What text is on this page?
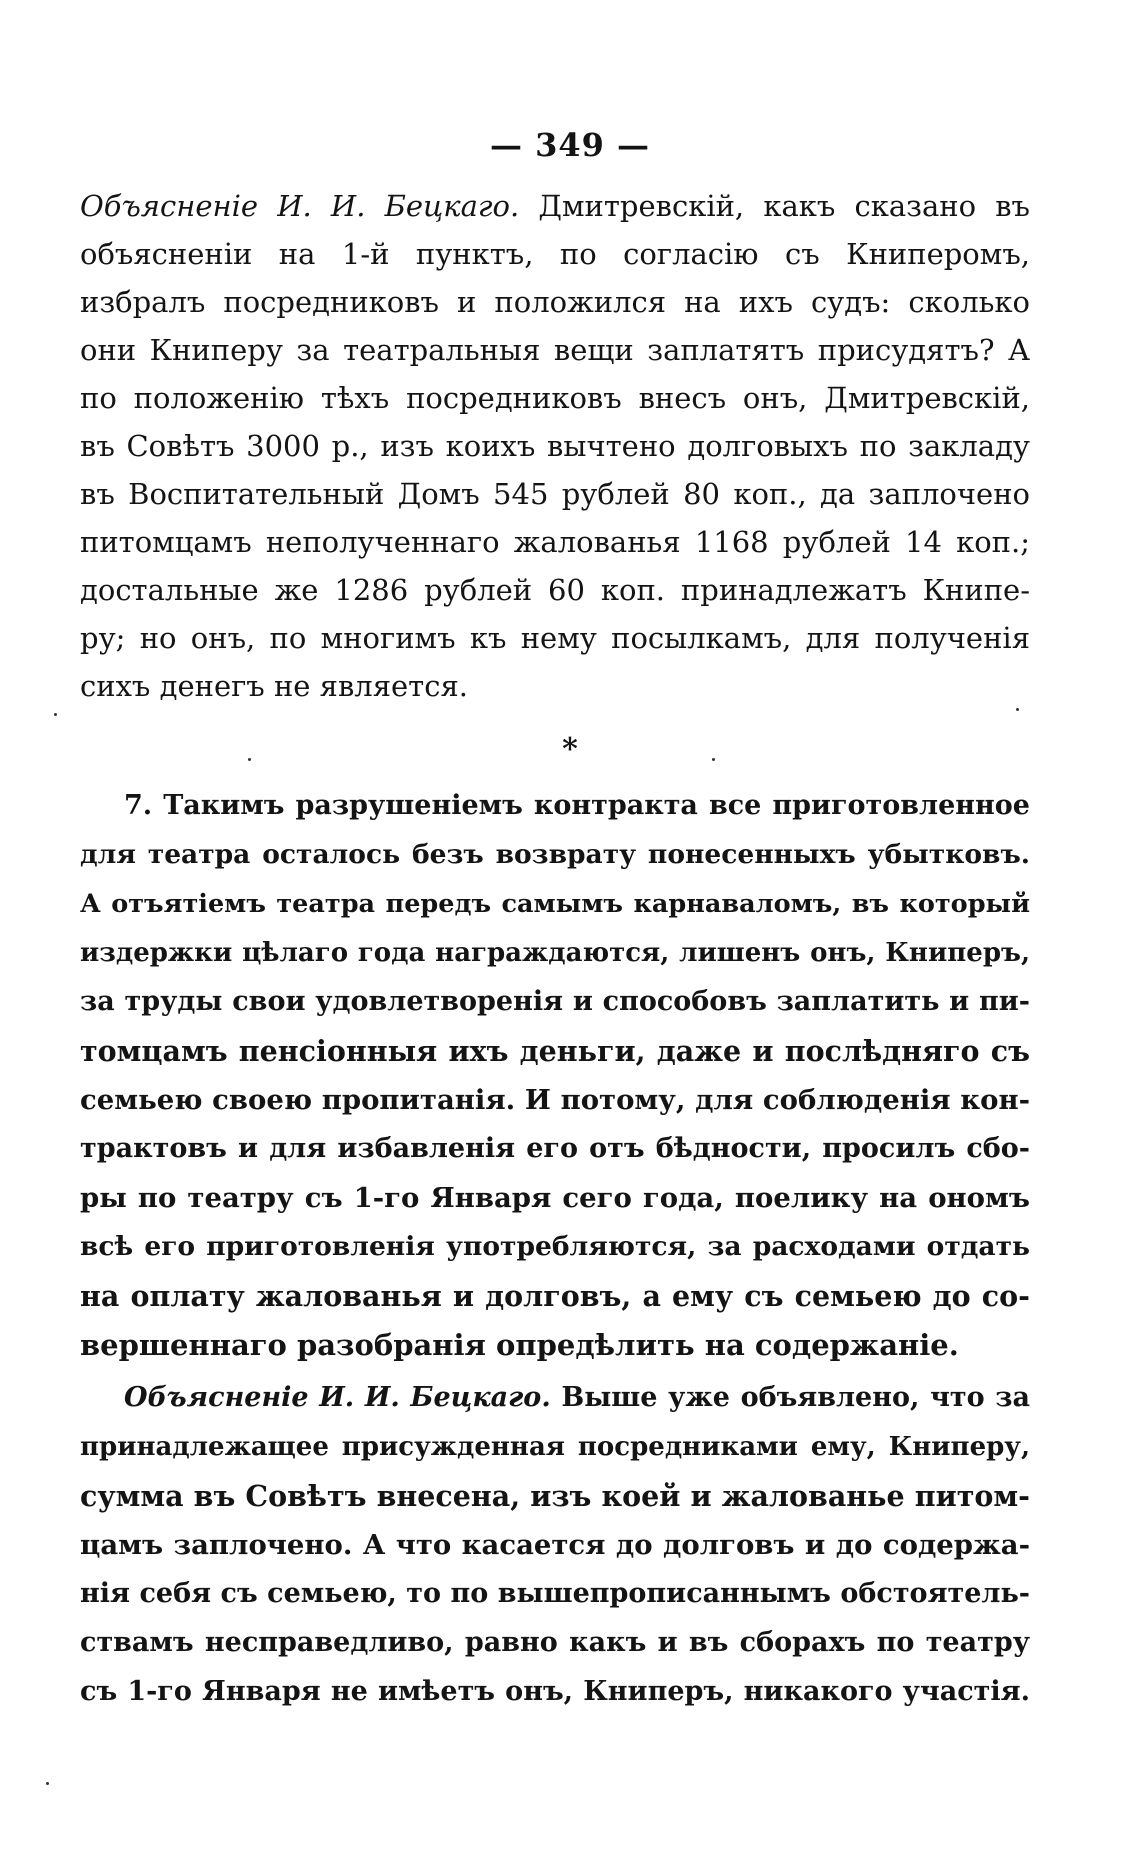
— 349 —
Объясненіе И. И. Бецкаго. Дмитревскій, какъ сказано въ
объясненіи на 1-й пунктъ, по согласію съ Книперомъ,
избралъ посредниковъ и положился на ихъ судъ: сколько
они Книперу за театральныя вещи заплатятъ присудятъ? А
по положенію тѣхъ посредниковъ внесъ онъ, Дмитревскій,
въ Совѣтъ 3000 р., изъ коихъ вычтено долговыхъ по закладу
въ Воспитательный Домъ 545 рублей 80 коп., да заплочено
питомцамъ неполученнаго жалованья 1168 рублей 14 коп.;
достальные же 1286 рублей 60 коп. принадлежатъ Книпе-
ру; но онъ, по многимъ къ нему посылкамъ, для полученія
сихъ денегъ не является.
*
7. Такимъ разрушеніемъ контракта все приготовленное
для театра осталось безъ возврату понесенныхъ убытковъ.
А отъятіемъ театра передъ самымъ карнаваломъ, въ который
издержки цѣлаго года награждаются, лишенъ онъ, Книперъ,
за труды свои удовлетворенія и способовъ заплатить и пи-
томцамъ пенсіонныя ихъ деньги, даже и послѣдняго съ
семьею своею пропитанія. И потому, для соблюденія кон-
трактовъ и для избавленія его отъ бѣдности, просилъ сбо-
ры по театру съ 1-го Января сего года, поелику на ономъ
всѣ его приготовленія употребляются, за расходами отдать
на оплату жалованья и долговъ, а ему съ семьею до со-
вершеннаго разобранія опредѣлить на содержаніе.
Объясненіе И. И. Бецкаго. Выше уже объявлено, что за
принадлежащее присужденная посредниками ему, Книперу,
сумма въ Совѣтъ внесена, изъ коей и жалованье питом-
цамъ заплочено. А что касается до долговъ и до содержа-
нія себя съ семьею, то по вышепрописаннымъ обстоятель-
ствамъ несправедливо, равно какъ и въ сборахъ по театру
съ 1-го Января не имѣетъ онъ, Книперъ, никакого участія.
